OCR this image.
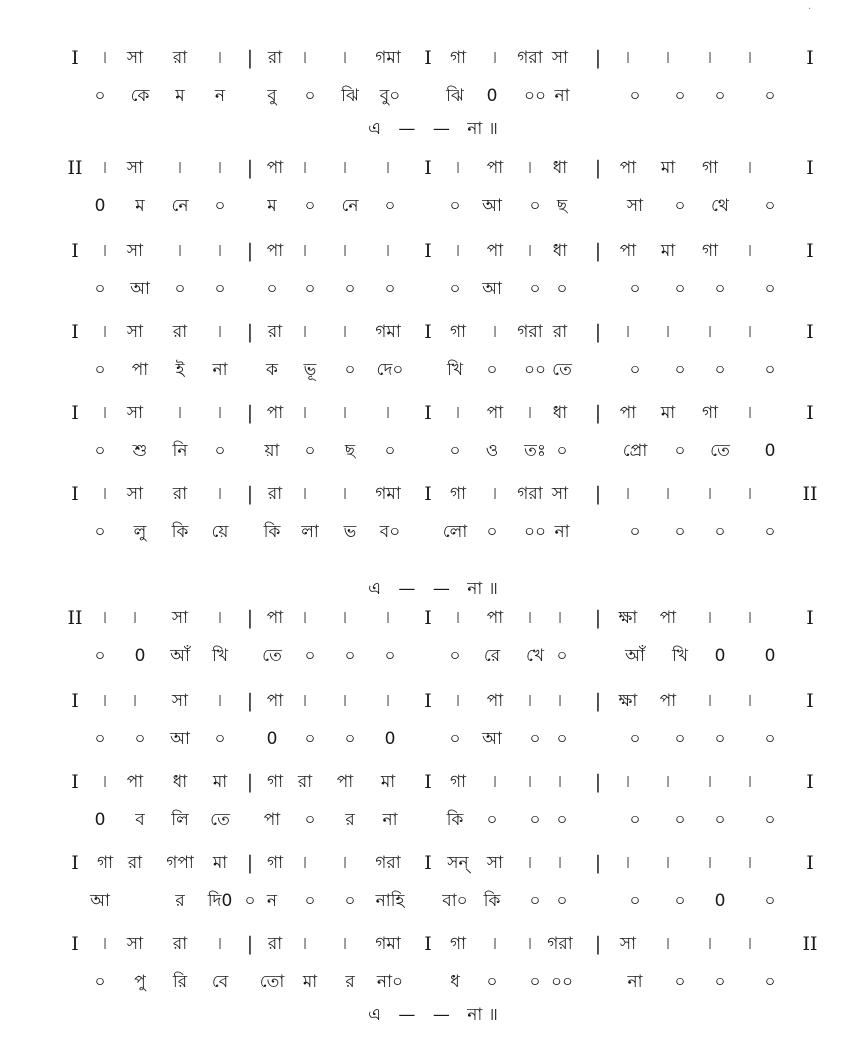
·
I	৷	সা	রা	৷	| রা	৷	৷	গমা	I	গা	৷	গরা সা	|	৷	৷	৷	৷	I
০	কে	ম	ন	বু	০	ঝি	বু০	ঝি	0	০০ না	০	০	০	০
এ — — না॥
II	৷	সা	৷	৷	| পা	৷	৷	৷	I	৷	পা	৷	ধা	|	পা	মা	গা	৷	I
0	ম	নে	০	ম	০	নে	০	০	আ	০ ছ	সা	০	থে	০
I	৷	সা	৷	৷	| পা	৷	৷	৷	I	৷	পা	৷	ধা	|	পা	মা	গা	৷	I
০	আ	০	০	০	০	০	০	০	আ	০ ০	০	০	০	০
I	৷	সা	রা	৷	| রা	৷	৷	গমা	I	গা	৷	গরা রা	|	৷	৷	৷	৷	I
০	পা	ই	না	ক	ভূ	০	দে০	খি	০	০০ তে	০	০	০	০
I	৷	সা	৷	৷	| পা	৷	৷	৷	I	৷	পা	৷	ধা	|	পা	মা	গা	৷	I
০	শু	নি	০	য়া	০	ছ	০	০	ও	তঃ ০	প্রো	০	তে	0
I	৷	সা	রা	৷	| রা	৷	৷	গমা	I	গা	৷	গরা সা	|	৷	৷	৷	৷	II
০	লু	কি	য়ে	কি	লা	ভ	ব০	লো	০	০০ না	০	০	০	০
এ — — না॥
II	৷	৷	সা	৷	| পা	৷	৷	৷	I	৷	পা	৷	৷	|	ক্ষা	পা	৷	৷	I
০	0	আঁ	খি	তে	০	০	০	০	রে	খে ০	আঁ	খি	0	0
I	৷	৷	সা	৷	| পা	৷	৷	৷	I	৷	পা	৷	৷	|	ক্ষা	পা	৷	৷	I
০	০	আ	০	0	০	০	0	০	আ	০ ০	০	০	০	০
I	৷	পা	ধা	মা	| গা রা	পা	মা	I	গা	৷	৷	৷	|	৷	৷	৷	৷	I
0	ব	লি	তে	পা	০	র	না	কি	০	০ ০	০	০	০	০
I	গা রা	গপা	মা	| গা	৷	৷	গরা	I সন্	সা	৷	৷	|	৷	৷	৷	৷	I
আ	র	দি0 ০ ন	০	০	নাহি	বা০ কি	০ ০	০	০	0	০
I	৷	সা	রা	৷	| রা	৷	৷	গমা	I	গা	৷	৷ গরা	|	সা	৷	৷	৷	II
০	পু	রি	বে	তো	মা	র	না০	ধ	০	০ ০০	না	০	০	০
এ — — না॥
